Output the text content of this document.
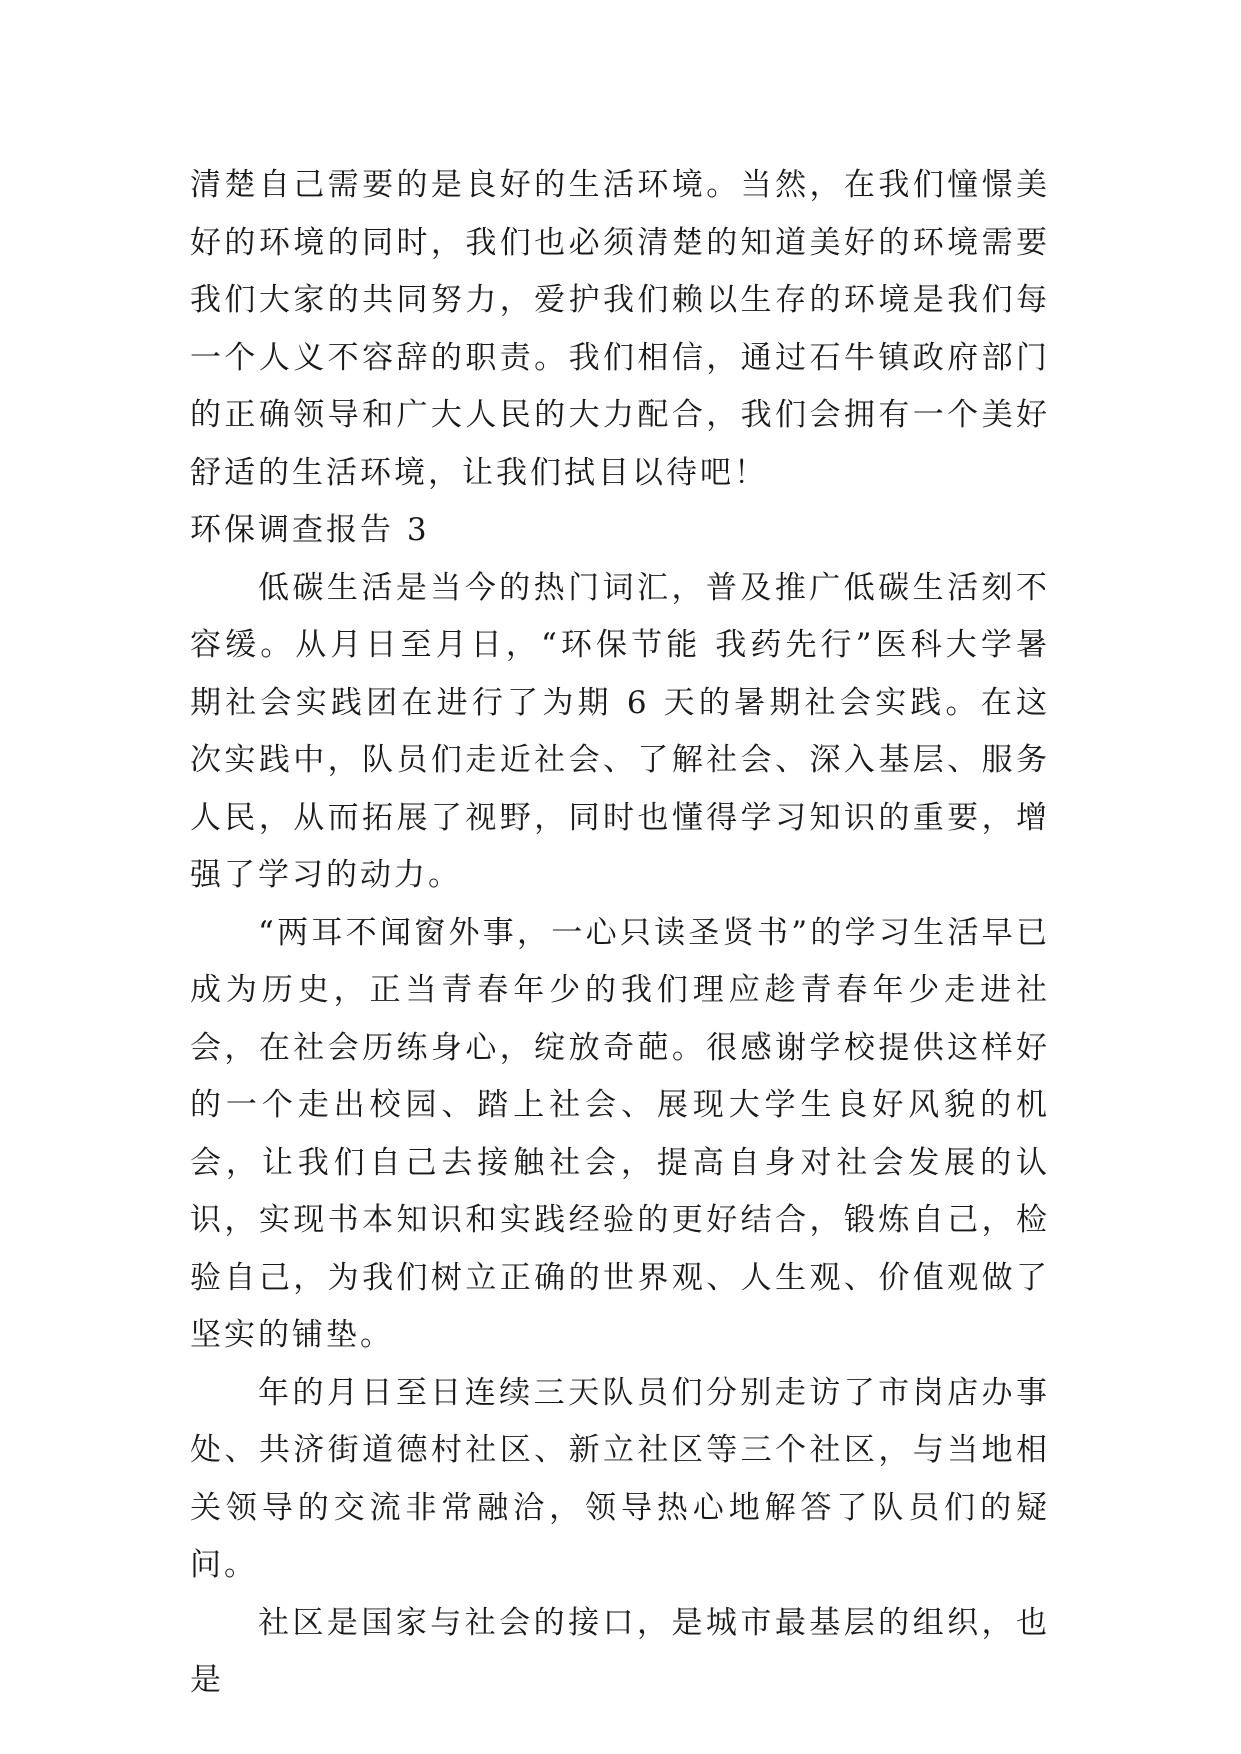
清楚自己需要的是良好的生活环境。当然，在我们憧憬美好的环境的同时，我们也必须清楚的知道美好的环境需要我们大家的共同努力，爱护我们赖以生存的环境是我们每一个人义不容辞的职责。我们相信，通过石牛镇政府部门的正确领导和广大人民的大力配合，我们会拥有一个美好舒适的生活环境，让我们拭目以待吧！

环保调查报告 3

低碳生活是当今的热门词汇，普及推广低碳生活刻不容缓。从月日至月日，“环保节能 我药先行”医科大学暑期社会实践团在进行了为期 6 天的暑期社会实践。在这次实践中，队员们走近社会、了解社会、深入基层、服务人民，从而拓展了视野，同时也懂得学习知识的重要，增强了学习的动力。

“两耳不闻窗外事，一心只读圣贤书”的学习生活早已成为历史，正当青春年少的我们理应趁青春年少走进社会，在社会历练身心，绽放奇葩。很感谢学校提供这样好的一个走出校园、踏上社会、展现大学生良好风貌的机会，让我们自己去接触社会，提高自身对社会发展的认识，实现书本知识和实践经验的更好结合，锻炼自己，检验自己，为我们树立正确的世界观、人生观、价值观做了坚实的铺垫。

年的月日至日连续三天队员们分别走访了市岗店办事处、共济街道德村社区、新立社区等三个社区，与当地相关领导的交流非常融洽，领导热心地解答了队员们的疑问。

社区是国家与社会的接口，是城市最基层的组织，也是
